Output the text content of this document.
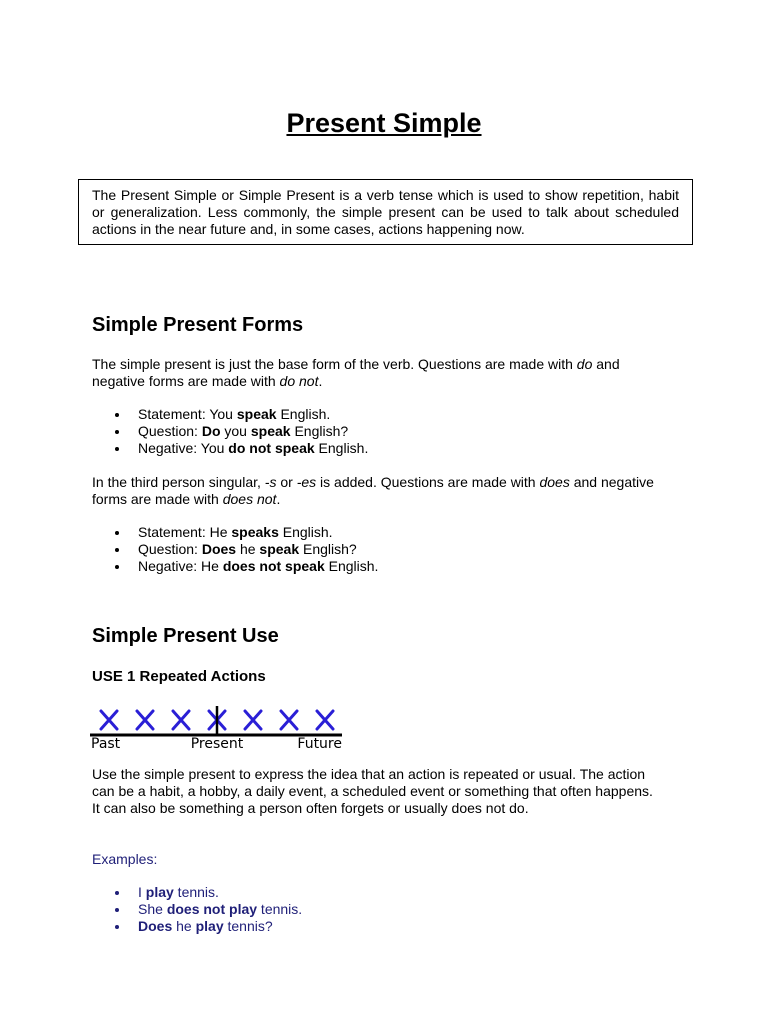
Present Simple

The Present Simple or Simple Present is a verb tense which is used to show repetition, habit or generalization. Less commonly, the simple present can be used to talk about scheduled actions in the near future and, in some cases, actions happening now.

Simple Present Forms

The simple present is just the base form of the verb. Questions are made with do and negative forms are made with do not.

Statement: You speak English.
Question: Do you speak English?
Negative: You do not speak English.

In the third person singular, -s or -es is added. Questions are made with does and negative forms are made with does not.

Statement: He speaks English.
Question: Does he speak English?
Negative: He does not speak English.
Simple Present Use
USE 1 Repeated Actions
Past	Present	Future

Use the simple present to express the idea that an action is repeated or usual. The action can be a habit, a hobby, a daily event, a scheduled event or something that often happens. It can also be something a person often forgets or usually does not do.

Examples:

I play tennis.
She does not play tennis.
Does he play tennis?
